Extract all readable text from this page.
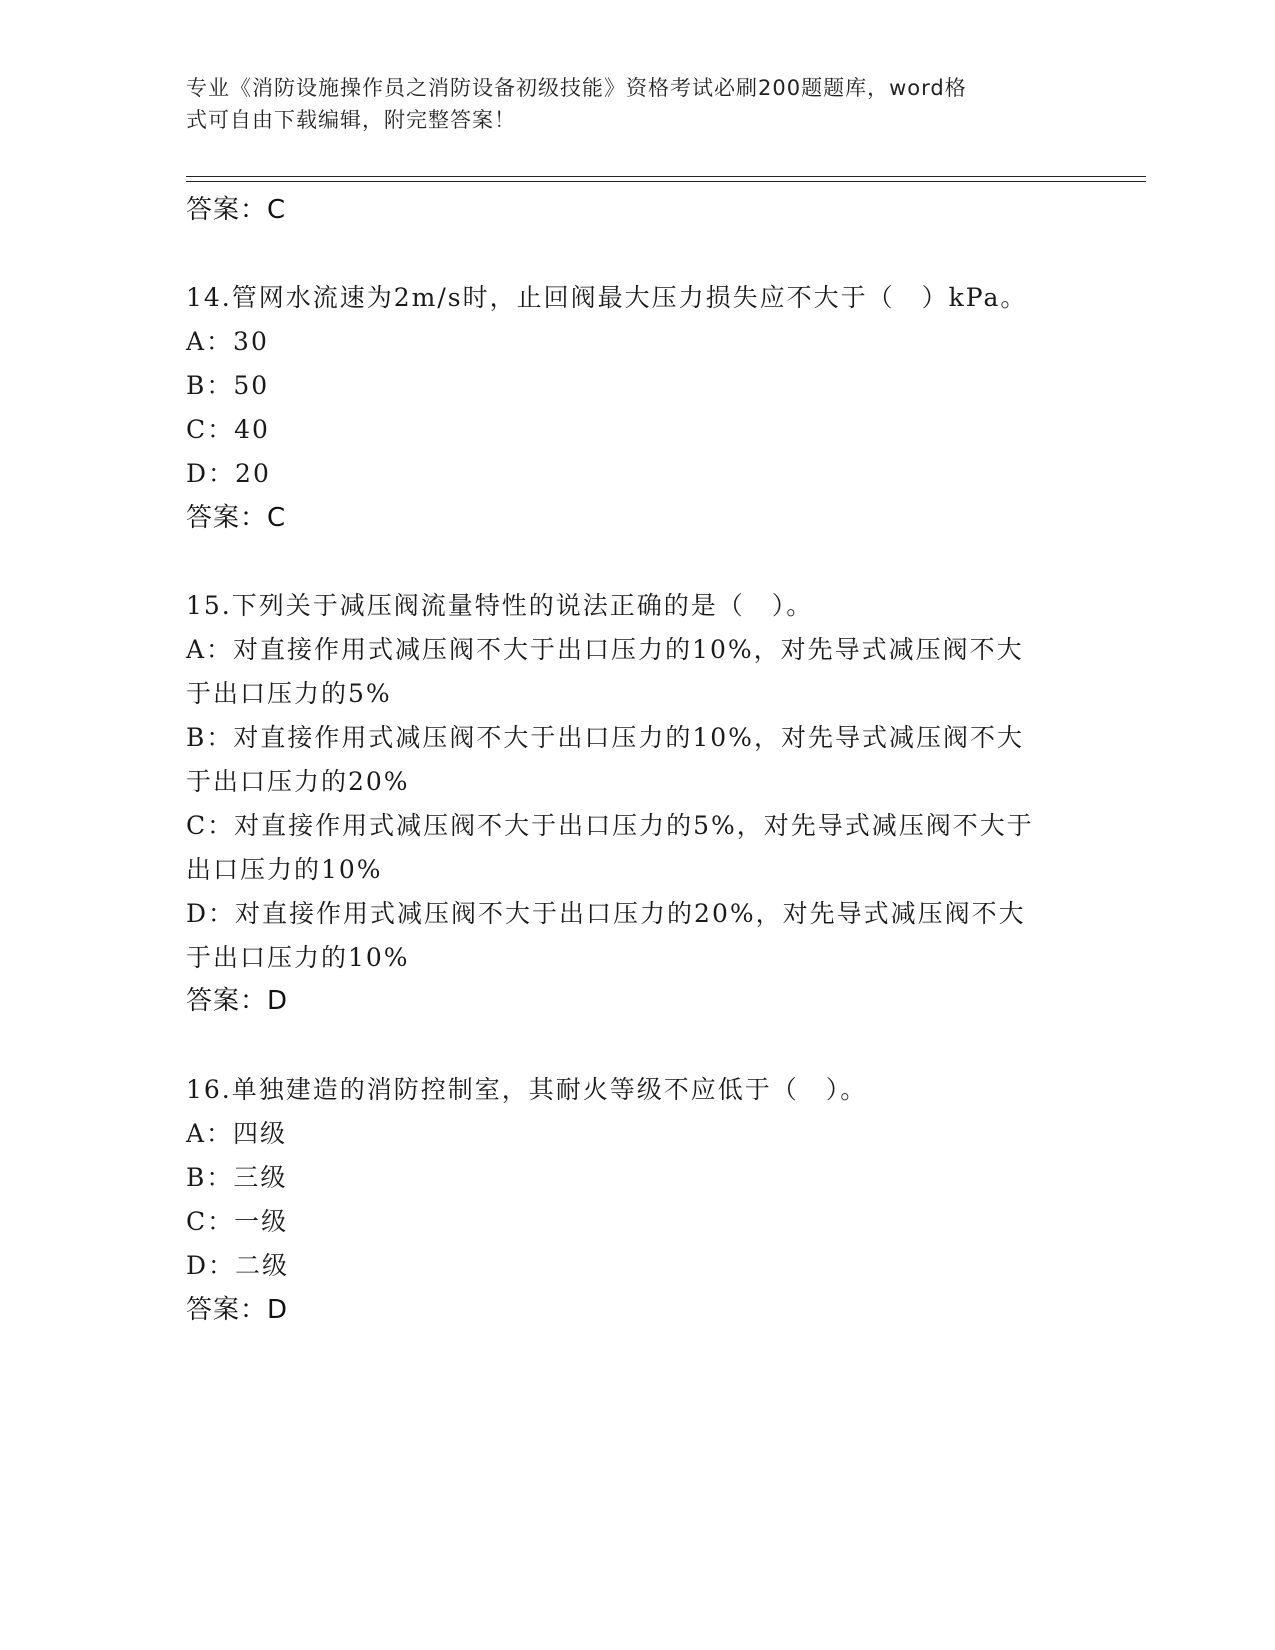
专业《消防设施操作员之消防设备初级技能》资格考试必刷200题题库，word格
式可自由下载编辑，附完整答案！
答案：C
14.管网水流速为2m/s时，止回阀最大压力损失应不大于（　）kPa。
A：30
B：50
C：40
D：20
答案：C
15.下列关于减压阀流量特性的说法正确的是（　）。
A：对直接作用式减压阀不大于出口压力的10%，对先导式减压阀不大
于出口压力的5%
B：对直接作用式减压阀不大于出口压力的10%，对先导式减压阀不大
于出口压力的20%
C：对直接作用式减压阀不大于出口压力的5%，对先导式减压阀不大于
出口压力的10%
D：对直接作用式减压阀不大于出口压力的20%，对先导式减压阀不大
于出口压力的10%
答案：D
16.单独建造的消防控制室，其耐火等级不应低于（　）。
A：四级
B：三级
C：一级
D：二级
答案：D
